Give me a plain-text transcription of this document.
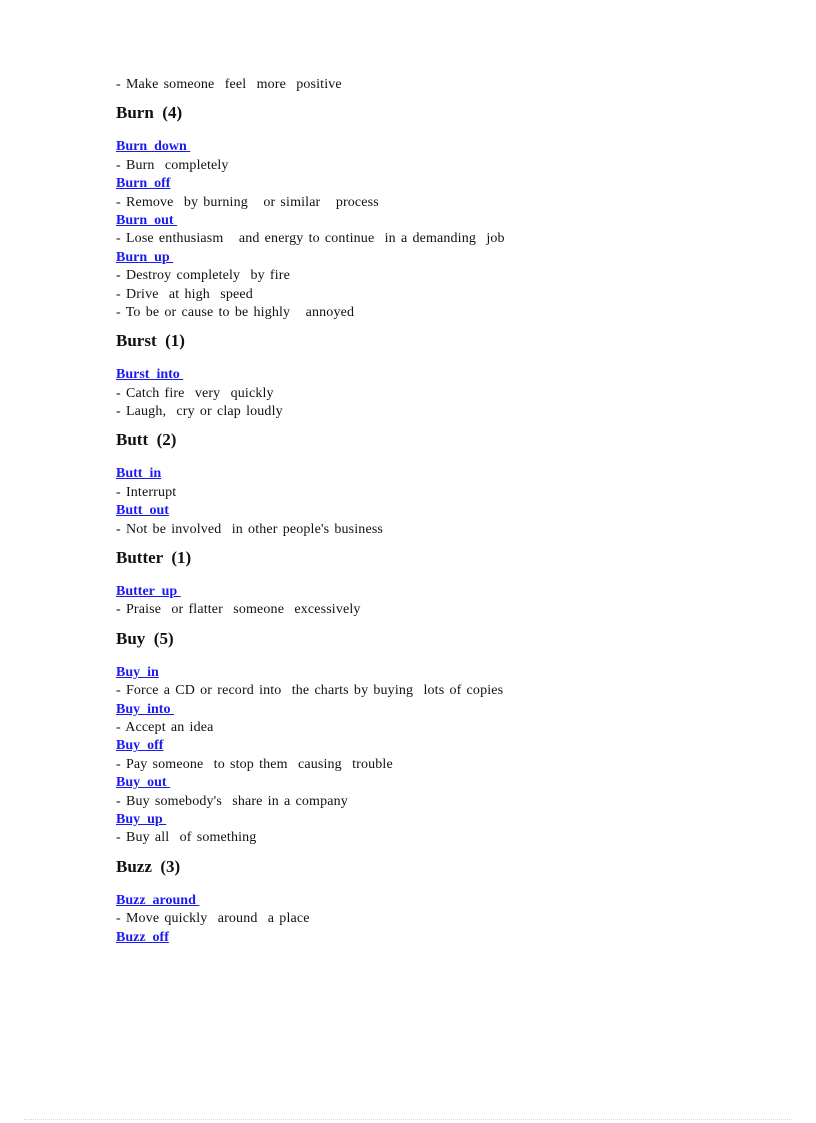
- Make someone  feel  more  positive
Burn  (4)
Burn  down
- Burn  completely
Burn  off
- Remove  by burning   or similar   process
Burn  out
- Lose enthusiasm   and energy to continue  in a demanding  job
Burn  up
- Destroy completely  by fire
- Drive  at high  speed
- To be or cause to be highly   annoyed
Burst  (1)
Burst  into
- Catch fire  very  quickly
- Laugh,  cry or clap loudly
Butt  (2)
Butt  in
- Interrupt
Butt  out
- Not be involved  in other people's business
Butter  (1)
Butter  up
- Praise  or flatter  someone  excessively
Buy  (5)
Buy  in
- Force a CD or record into  the charts by buying  lots of copies
Buy  into
- Accept an idea
Buy  off
- Pay someone  to stop them  causing  trouble
Buy  out
- Buy somebody's  share in a company
Buy  up
- Buy all  of something
Buzz  (3)
Buzz  around
- Move quickly  around  a place
Buzz  off
